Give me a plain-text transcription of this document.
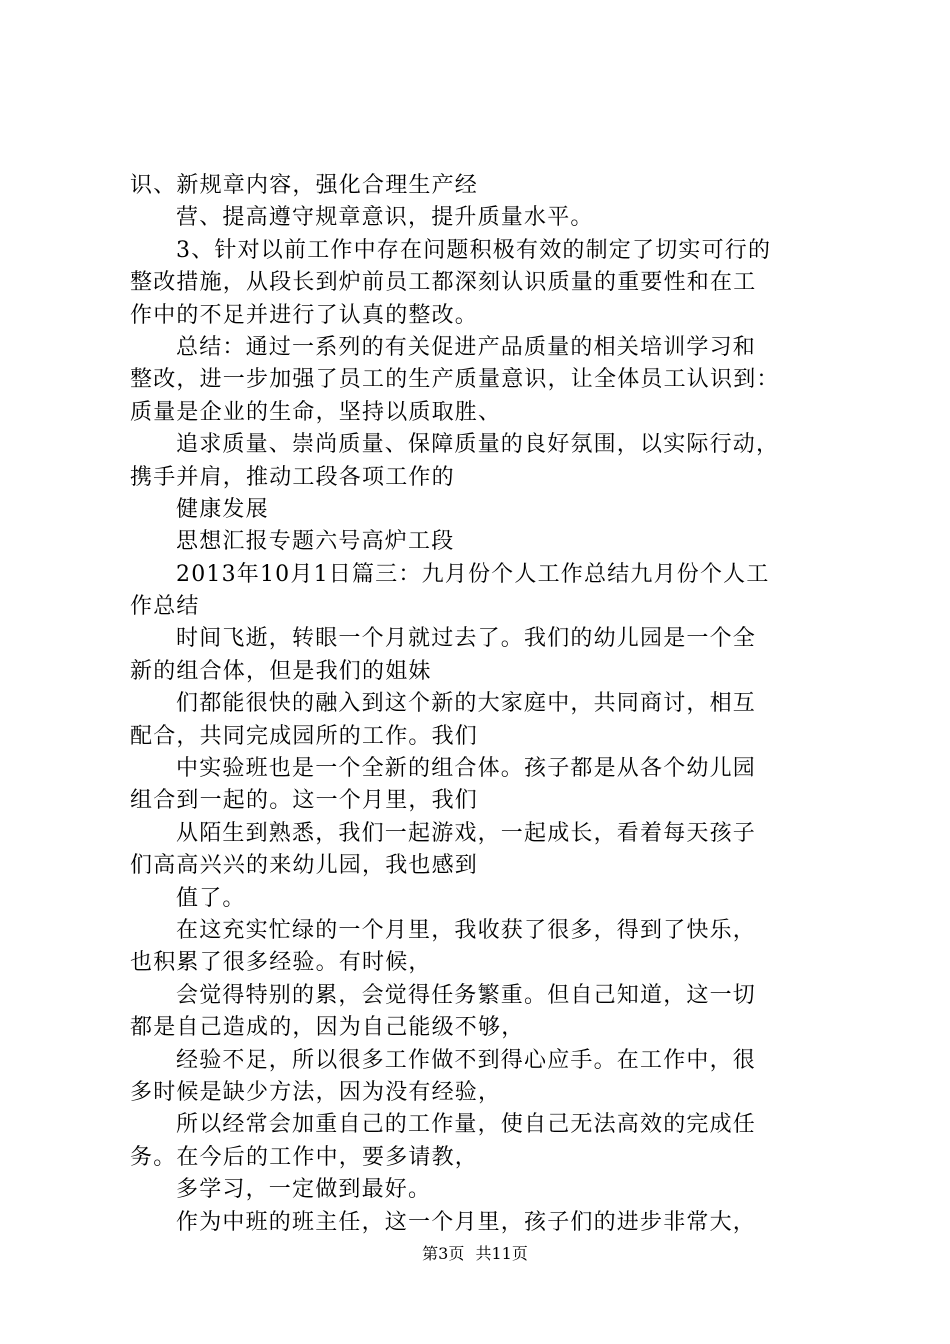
识、新规章内容，强化合理生产经
营、提高遵守规章意识，提升质量水平。
3、针对以前工作中存在问题积极有效的制定了切实可行的
整改措施，从段长到炉前员工都深刻认识质量的重要性和在工
作中的不足并进行了认真的整改。
总结：通过一系列的有关促进产品质量的相关培训学习和
整改，进一步加强了员工的生产质量意识，让全体员工认识到：
质量是企业的生命，坚持以质取胜、
追求质量、崇尚质量、保障质量的良好氛围，以实际行动，
携手并肩，推动工段各项工作的
健康发展
思想汇报专题六号高炉工段
2013年10月1日篇三：九月份个人工作总结九月份个人工
作总结
时间飞逝，转眼一个月就过去了。我们的幼儿园是一个全
新的组合体，但是我们的姐妹
们都能很快的融入到这个新的大家庭中，共同商讨，相互
配合，共同完成园所的工作。我们
中实验班也是一个全新的组合体。孩子都是从各个幼儿园
组合到一起的。这一个月里，我们
从陌生到熟悉，我们一起游戏，一起成长，看着每天孩子
们高高兴兴的来幼儿园，我也感到
值了。
在这充实忙绿的一个月里，我收获了很多，得到了快乐，
也积累了很多经验。有时候，
会觉得特别的累，会觉得任务繁重。但自己知道，这一切
都是自己造成的，因为自己能级不够，
经验不足，所以很多工作做不到得心应手。在工作中，很
多时候是缺少方法，因为没有经验，
所以经常会加重自己的工作量，使自己无法高效的完成任
务。在今后的工作中，要多请教，
多学习，一定做到最好。
作为中班的班主任，这一个月里，孩子们的进步非常大，
第3页 共11页
